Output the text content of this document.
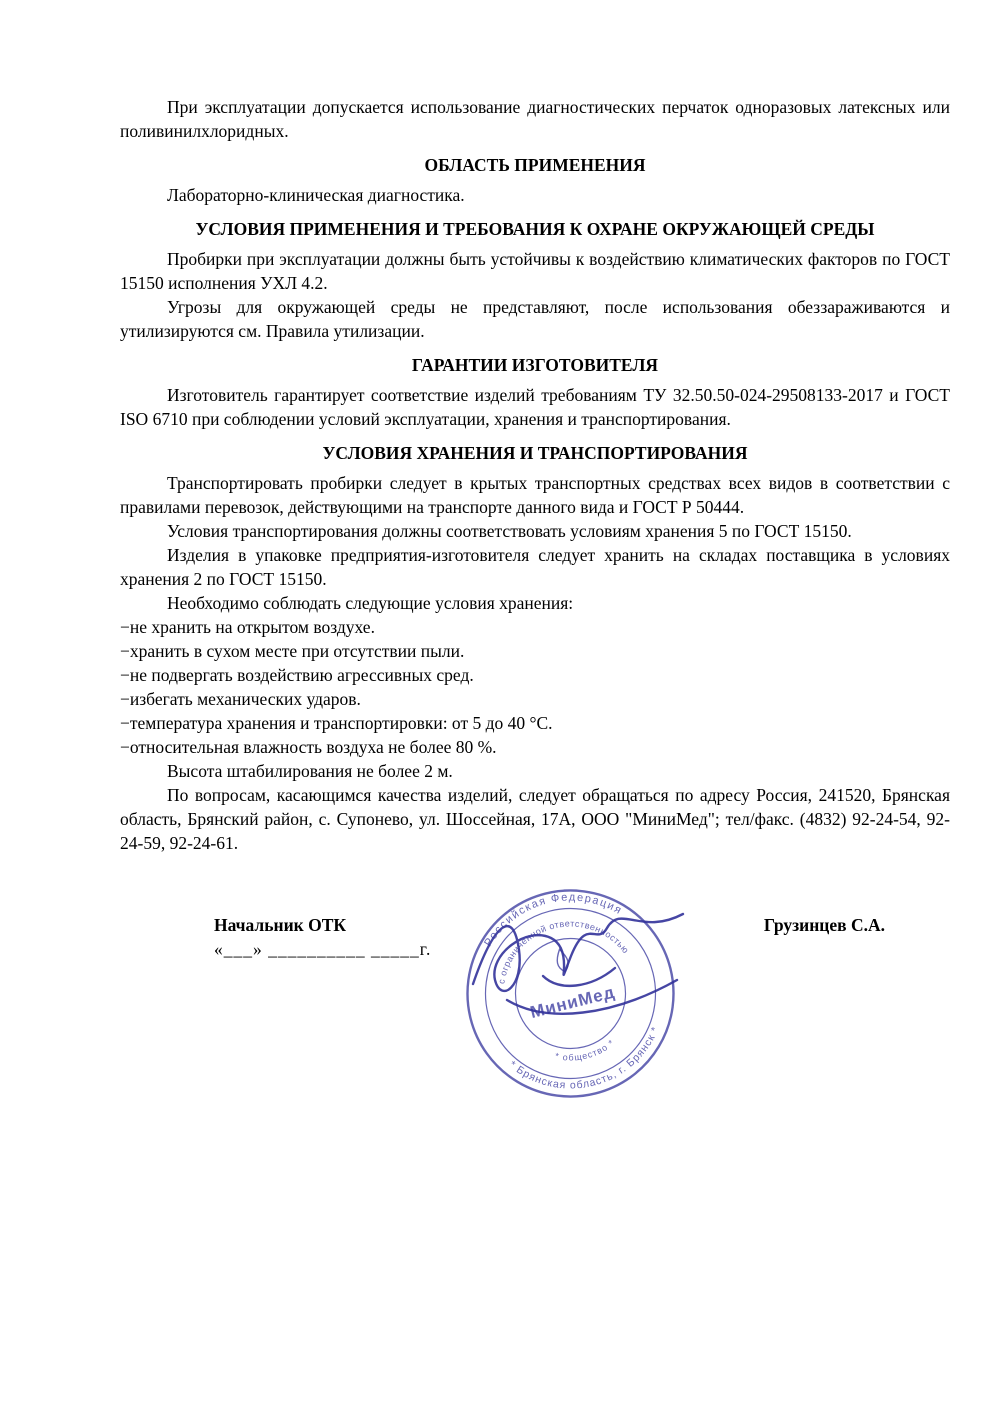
При эксплуатации допускается использование диагностических перчаток одноразовых латексных или поливинилхлоридных.

ОБЛАСТЬ ПРИМЕНЕНИЯ

Лабораторно-клиническая диагностика.

УСЛОВИЯ ПРИМЕНЕНИЯ И ТРЕБОВАНИЯ К ОХРАНЕ ОКРУЖАЮЩЕЙ СРЕДЫ

Пробирки при эксплуатации должны быть устойчивы к воздействию климатических факторов по ГОСТ 15150 исполнения УХЛ 4.2.

Угрозы для окружающей среды не представляют, после использования обеззараживаются и утилизируются см. Правила утилизации.

ГАРАНТИИ ИЗГОТОВИТЕЛЯ

Изготовитель гарантирует соответствие изделий требованиям ТУ 32.50.50-024-29508133-2017 и ГОСТ ISO 6710 при соблюдении условий эксплуатации, хранения и транспортирования.

УСЛОВИЯ ХРАНЕНИЯ И ТРАНСПОРТИРОВАНИЯ

Транспортировать пробирки следует в крытых транспортных средствах всех видов в соответствии с правилами перевозок, действующими на транспорте данного вида и ГОСТ Р 50444.

Условия транспортирования должны соответствовать условиям хранения 5 по ГОСТ 15150.

Изделия в упаковке предприятия-изготовителя следует хранить на складах поставщика в условиях хранения 2 по ГОСТ 15150.

Необходимо соблюдать следующие условия хранения:

−не хранить на открытом воздухе.

−хранить в сухом месте при отсутствии пыли.

−не подвергать воздействию агрессивных сред.

−избегать механических ударов.

−температура хранения и транспортировки: от 5 до 40 °С.

−относительная влажность воздуха не более 80 %.

Высота штабилирования не более 2 м.

По вопросам, касающимся качества изделий, следует обращаться по адресу Россия, 241520, Брянская область, Брянский район, с. Супонево, ул. Шоссейная, 17А, ООО "МиниМед"; тел/факс. (4832) 92-24-54, 92-24-59, 92-24-61.

Начальник ОТК

«___» __________ _____г.

Грузинцев С.А.
Российская Федерация
* Брянская область, г. Брянск *
с ограниченной ответственностью
* общество *
МиниМед
